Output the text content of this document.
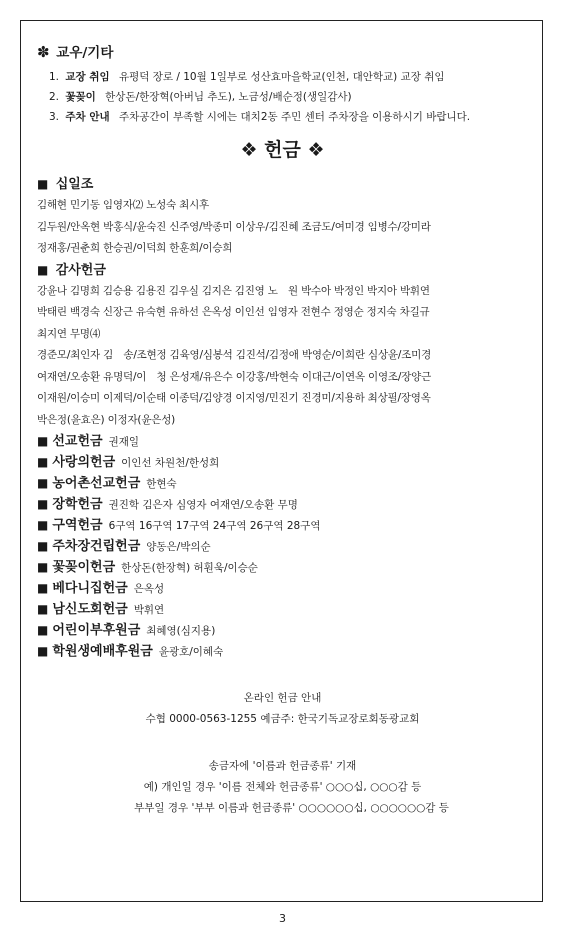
✽ 교우/기타
1. 교장 취임 유평덕 장로 / 10월 1일부로 성산효마을학교(인천, 대안학교) 교장 취임
2. 꽃꽂이 한상돈/한장혁(아버님 추도), 노금성/배순정(생일감사)
3. 주차 안내 주차공간이 부족할 시에는 대치2동 주민 센터 주차장을 이용하시기 바랍니다.
❖ 헌금 ❖
■ 십일조
김해현 민기동 임영자⑵ 노성숙 최시후
김두원/안옥현 박홍식/윤숙진 신주영/박종미 이상우/김진혜 조금도/여미경 임병수/강미라
정재홍/권춘희 한승권/이덕희 한훈희/이승희
■ 감사헌금
강윤나 김명희 김승용 김용진 김우실 김지은 김진영 노　원 박수아 박정인 박지아 박휘연
박태린 백경숙 신장근 유숙현 유하선 은옥성 이인선 임영자 전현수 정영순 정지숙 차길규
최지연 무명⑷
경준모/최인자 김　송/조현정 김육영/심봉석 김진석/김정애 박영순/이희란 심상윤/조미경
여재연/오송환 유명덕/이　청 은성재/유은수 이강홍/박현숙 이대근/이연옥 이영조/장양근
이재원/이승미 이제덕/이순태 이종덕/김양경 이지영/민진기 진경미/지용하 최상필/장영옥
박은정(윤효은) 이정자(윤은성)
■ 선교헌금 권재일
■ 사랑의헌금 이인선 차원천/한성희
■ 농어촌선교헌금 한현숙
■ 장학헌금 권진학 김은자 심영자 여재연/오송환 무명
■ 구역헌금 6구역 16구역 17구역 24구역 26구역 28구역
■ 주차장건립헌금 양동은/박의순
■ 꽃꽂이헌금 한상돈(한장혁) 허훤욱/이승순
■ 베다니집헌금 은옥성
■ 남신도회헌금 박휘연
■ 어린이부후원금 최혜영(심지용)
■ 학원생예배후원금 윤광호/이혜숙
온라인 헌금 안내
수협 0000-0563-1255 예금주: 한국기독교장로회동광교회
송금자에 '이름과 헌금종류' 기재
예) 개인일 경우 '이름 전체와 헌금종류' ○○○십, ○○○감 등
부부일 경우 '부부 이름과 헌금종류' ○○○○○○십, ○○○○○○감 등
3
